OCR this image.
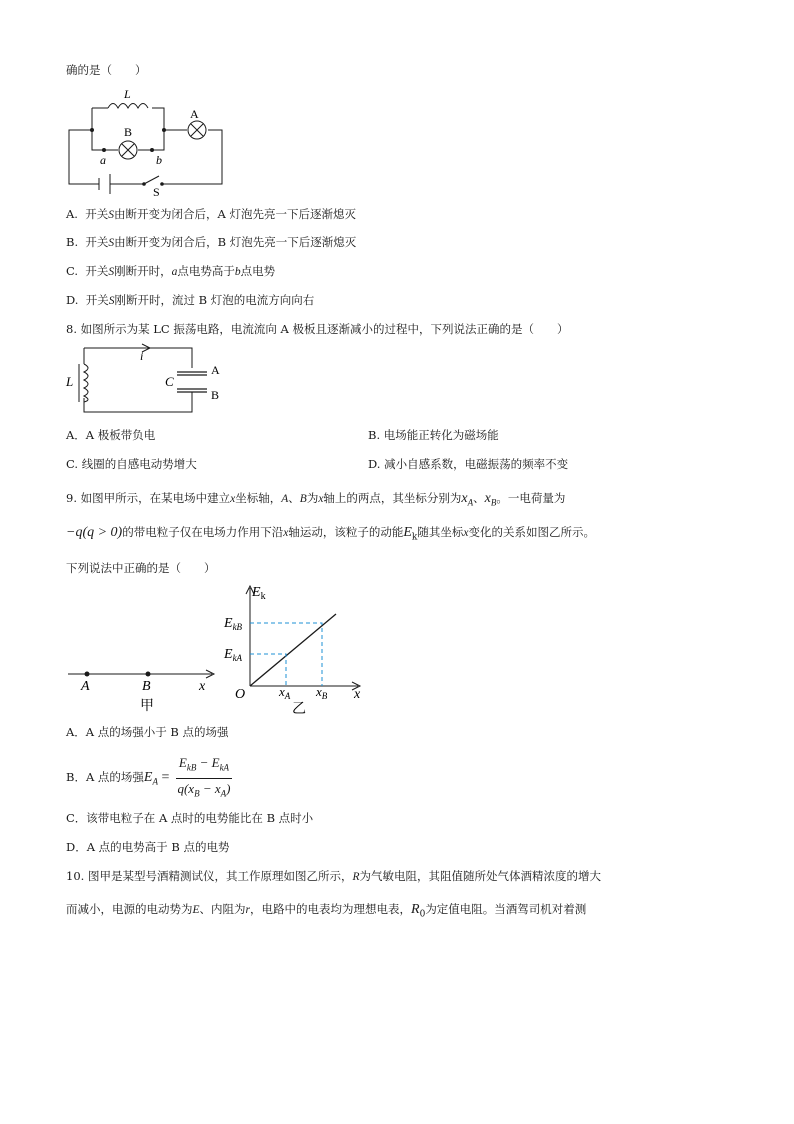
确的是（　　）
L
B
A
a	b
S
A. 开关S由断开变为闭合后，A 灯泡先亮一下后逐渐熄灭
B. 开关S由断开变为闭合后，B 灯泡先亮一下后逐渐熄灭
C. 开关S刚断开时，a点电势高于b点电势
D. 开关S刚断开时，流过 B 灯泡的电流方向向右
8. 如图所示为某 LC 振荡电路，电流流向 A 极板且逐渐减小的过程中，下列说法正确的是（　　）
i
L	C
A
B
A．A 极板带负电	B. 电场能正转化为磁场能
C. 线圈的自感电动势增大	D. 减小自感系数，电磁振荡的频率不变
9. 如图甲所示，在某电场中建立x坐标轴，A、B为x轴上的两点，其坐标分别为$x_A$、$x_B$。一电荷量为
−q(q > 0)的带电粒子仅在电场力作用下沿x轴运动，该粒子的动能$E_k$随其坐标x变化的关系如图乙所示。
下列说法中正确的是（　　）
A	B	x
甲
$E_k$
$E_{kB}$
$E_{kA}$
O	$x_A$ $x_B$ x
乙
A．A 点的场强小于 B 点的场强
B．A 点的场强$E_A = \frac{E_{kB} - E_{kA}}{q(x_B - x_A)}$
C．该带电粒子在 A 点时的电势能比在 B 点时小
D．A 点的电势高于 B 点的电势
10. 图甲是某型号酒精测试仪，其工作原理如图乙所示，R为气敏电阻，其阻值随所处气体酒精浓度的增大
而减小，电源的电动势为E、内阻为r，电路中的电表均为理想电表，$R_0$为定值电阻。当酒驾司机对着测
